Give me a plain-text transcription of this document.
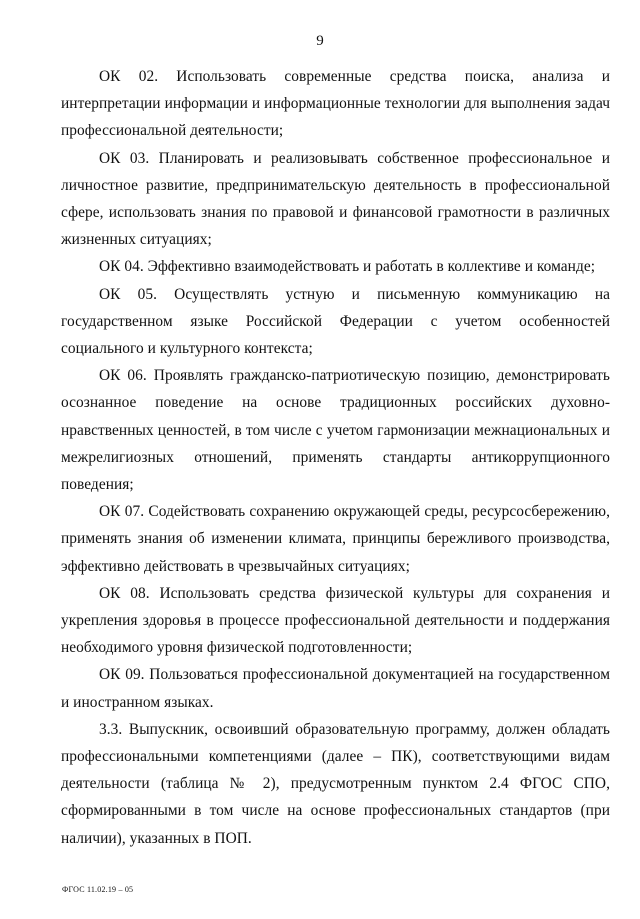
9

ОК 02. Использовать современные средства поиска, анализа и интерпретации информации и информационные технологии для выполнения задач профессиональной деятельности;

ОК 03. Планировать и реализовывать собственное профессиональное и личностное развитие, предпринимательскую деятельность в профессиональной сфере, использовать знания по правовой и финансовой грамотности в различных жизненных ситуациях;

ОК 04. Эффективно взаимодействовать и работать в коллективе и команде;

ОК 05. Осуществлять устную и письменную коммуникацию на государственном языке Российской Федерации с учетом особенностей социального и культурного контекста;

ОК 06. Проявлять гражданско-патриотическую позицию, демонстрировать осознанное поведение на основе традиционных российских духовно-нравственных ценностей, в том числе с учетом гармонизации межнациональных и межрелигиозных отношений, применять стандарты антикоррупционного поведения;

ОК 07. Содействовать сохранению окружающей среды, ресурсосбережению, применять знания об изменении климата, принципы бережливого производства, эффективно действовать в чрезвычайных ситуациях;

ОК 08. Использовать средства физической культуры для сохранения и укрепления здоровья в процессе профессиональной деятельности и поддержания необходимого уровня физической подготовленности;

ОК 09. Пользоваться профессиональной документацией на государственном и иностранном языках.

3.3. Выпускник, освоивший образовательную программу, должен обладать профессиональными компетенциями (далее – ПК), соответствующими видам деятельности (таблица № 2), предусмотренным пунктом 2.4 ФГОС СПО, сформированными в том числе на основе профессиональных стандартов (при наличии), указанных в ПОП.

ФГОС 11.02.19 – 05
